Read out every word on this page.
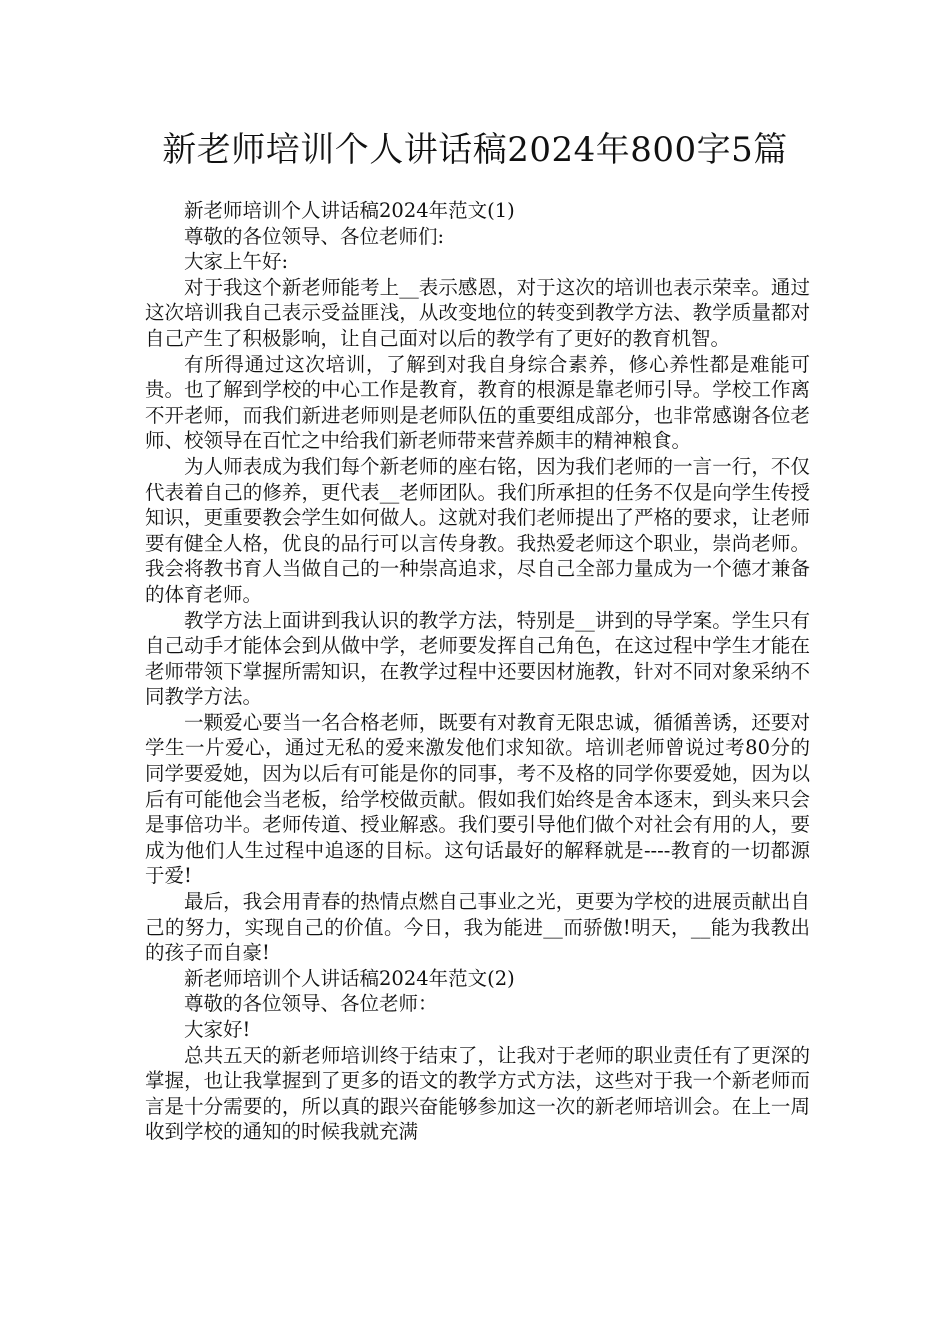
新老师培训个人讲话稿2024年800字5篇

新老师培训个人讲话稿2024年范文(1)

尊敬的各位领导、各位老师们:

大家上午好:

对于我这个新老师能考上__表示感恩，对于这次的培训也表示荣幸。通过这次培训我自己表示受益匪浅，从改变地位的转变到教学方法、教学质量都对自己产生了积极影响，让自己面对以后的教学有了更好的教育机智。

有所得通过这次培训，了解到对我自身综合素养，修心养性都是难能可贵。也了解到学校的中心工作是教育，教育的根源是靠老师引导。学校工作离不开老师，而我们新进老师则是老师队伍的重要组成部分，也非常感谢各位老师、校领导在百忙之中给我们新老师带来营养颇丰的精神粮食。

为人师表成为我们每个新老师的座右铭，因为我们老师的一言一行，不仅代表着自己的修养，更代表__老师团队。我们所承担的任务不仅是向学生传授知识，更重要教会学生如何做人。这就对我们老师提出了严格的要求，让老师要有健全人格，优良的品行可以言传身教。我热爱老师这个职业，崇尚老师。我会将教书育人当做自己的一种崇高追求，尽自己全部力量成为一个德才兼备的体育老师。

教学方法上面讲到我认识的教学方法，特别是__讲到的导学案。学生只有自己动手才能体会到从做中学，老师要发挥自己角色，在这过程中学生才能在老师带领下掌握所需知识，在教学过程中还要因材施教，针对不同对象采纳不同教学方法。

一颗爱心要当一名合格老师，既要有对教育无限忠诚，循循善诱，还要对学生一片爱心，通过无私的爱来激发他们求知欲。培训老师曾说过考80分的同学要爱她，因为以后有可能是你的同事，考不及格的同学你要爱她，因为以后有可能他会当老板，给学校做贡献。假如我们始终是舍本逐末，到头来只会是事倍功半。老师传道、授业解惑。我们要引导他们做个对社会有用的人，要成为他们人生过程中追逐的目标。这句话最好的解释就是----教育的一切都源于爱!

最后，我会用青春的热情点燃自己事业之光，更要为学校的进展贡献出自己的努力，实现自己的价值。今日，我为能进__而骄傲!明天，__能为我教出的孩子而自豪!

新老师培训个人讲话稿2024年范文(2)

尊敬的各位领导、各位老师：

大家好!

总共五天的新老师培训终于结束了，让我对于老师的职业责任有了更深的掌握，也让我掌握到了更多的语文的教学方式方法，这些对于我一个新老师而言是十分需要的，所以真的跟兴奋能够参加这一次的新老师培训会。在上一周收到学校的通知的时候我就充满
